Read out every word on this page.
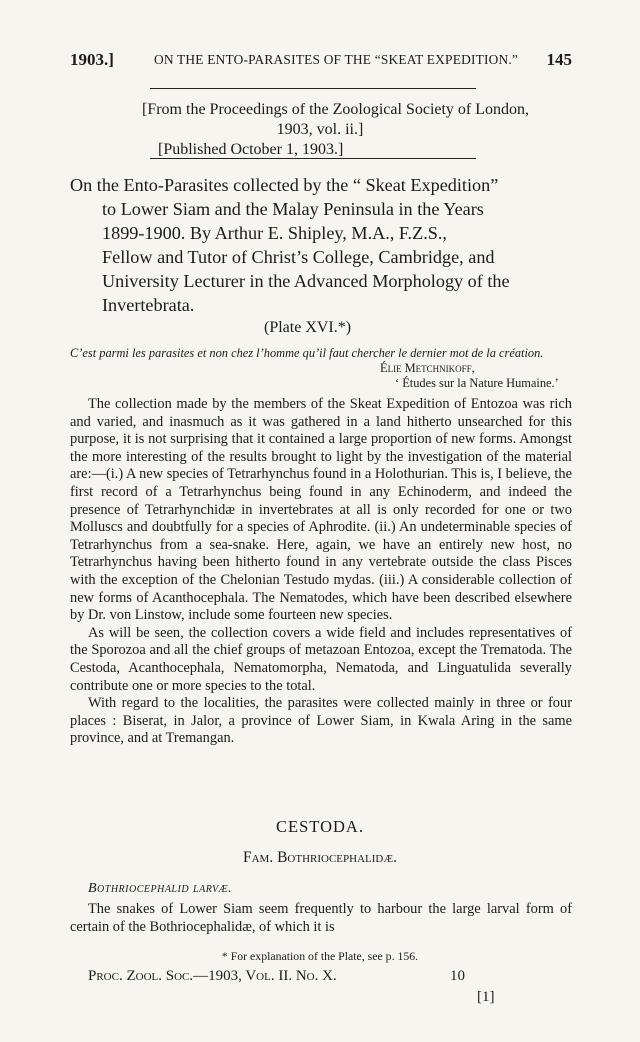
1903.]	ON THE ENTO-PARASITES OF THE “SKEAT EXPEDITION.” 145
[From the Proceedings of the Zoological Society of London,
1903, vol. ii.]
[Published October 1, 1903.]

On the Ento-Parasites collected by the “ Skeat Expedition”

to Lower Siam and the Malay Peninsula in the Years

1899-1900. By Arthur E. Shipley, M.A., F.Z.S.,

Fellow and Tutor of Christ’s College, Cambridge, and

University Lecturer in the Advanced Morphology of the

Invertebrata.

(Plate XVI.*)
C’est parmi les parasites et non chez l’homme qu’il faut chercher le dernier mot de la création.
Élie Metchnikoff,
‘ Études sur la Nature Humaine.’

The collection made by the members of the Skeat Expedition of Entozoa was rich and varied, and inasmuch as it was gathered in a land hitherto unsearched for this purpose, it is not surprising that it contained a large proportion of new forms. Amongst the more interesting of the results brought to light by the investigation of the material are:—(i.) A new species of Tetrarhynchus found in a Holothurian. This is, I believe, the first record of a Tetrarhynchus being found in any Echinoderm, and indeed the presence of Tetrarhynchidæ in invertebrates at all is only recorded for one or two Molluscs and doubtfully for a species of Aphrodite. (ii.) An undeterminable species of Tetrarhynchus from a sea-snake. Here, again, we have an entirely new host, no Tetrarhynchus having been hitherto found in any vertebrate outside the class Pisces with the exception of the Chelonian Testudo mydas. (iii.) A considerable collection of new forms of Acanthocephala. The Nematodes, which have been described elsewhere by Dr. von Linstow, include some fourteen new species.

As will be seen, the collection covers a wide field and includes representatives of the Sporozoa and all the chief groups of metazoan Entozoa, except the Trematoda. The Cestoda, Acanthocephala, Nematomorpha, Nematoda, and Linguatulida severally contribute one or more species to the total.

With regard to the localities, the parasites were collected mainly in three or four places : Biserat, in Jalor, a province of Lower Siam, in Kwala Aring in the same province, and at Tremangan.

CESTODA.
Fam. Bothriocephalidæ.
Bothriocephalid larvæ.

The snakes of Lower Siam seem frequently to harbour the large larval form of certain of the Bothriocephalidæ, of which it is

* For explanation of the Plate, see p. 156.
Proc. Zool. Soc.—1903, Vol. II. No. X.	10
[1]
